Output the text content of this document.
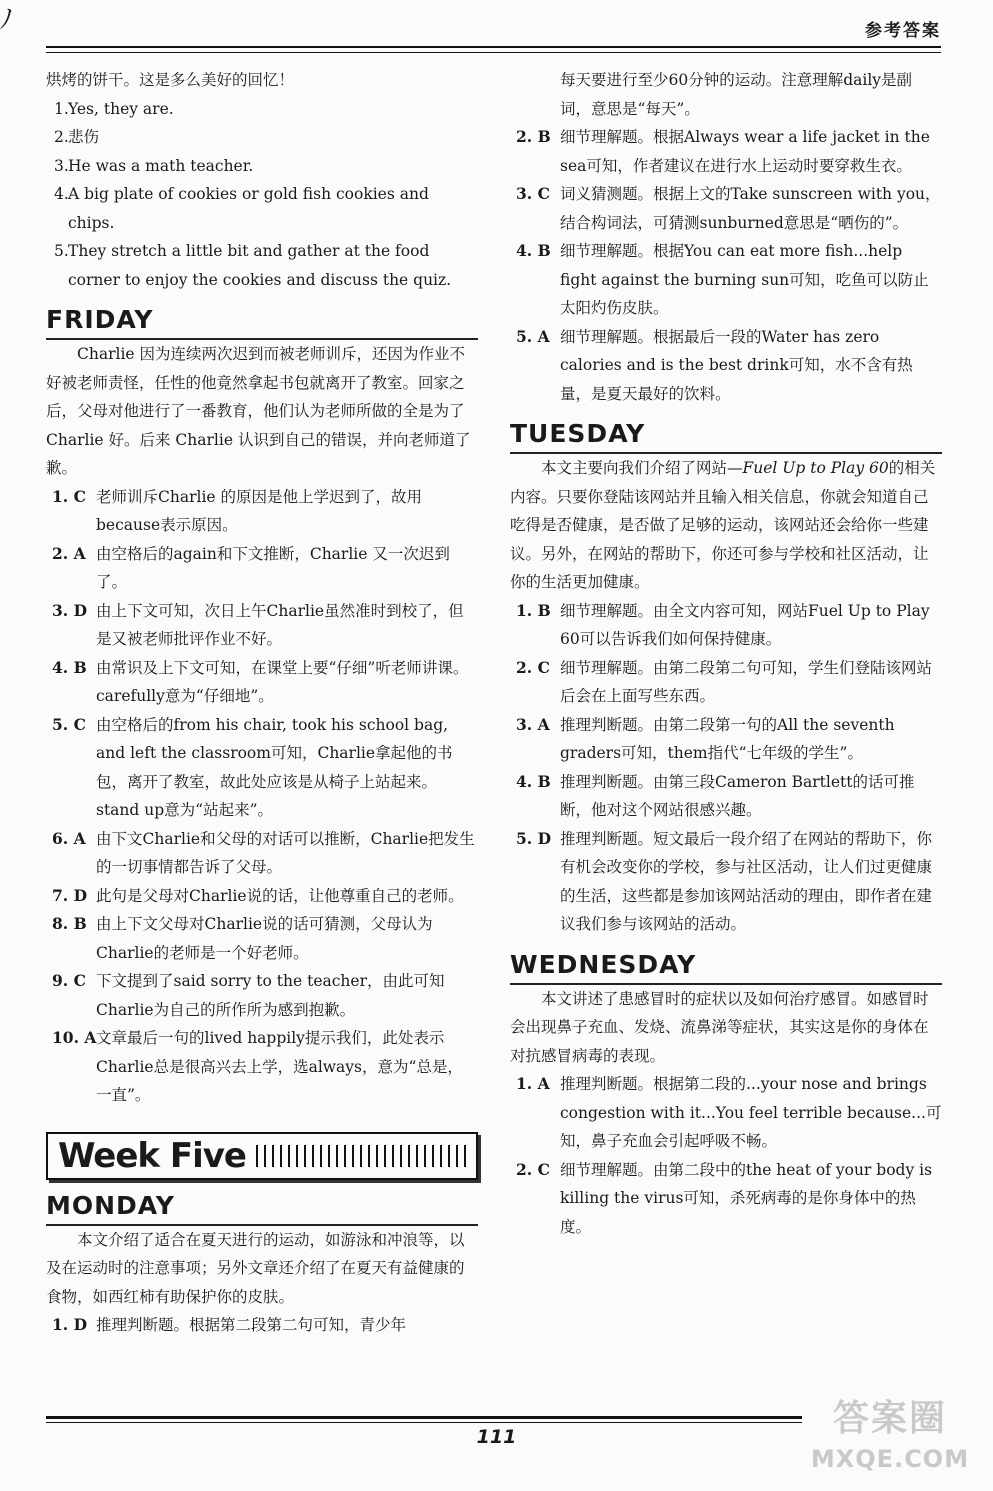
ﾉ	参考答案

烘烤的饼干。这是多么美好的回忆！

1. Yes, they are.

2. 悲伤

3. He was a math teacher.

4. A big plate of cookies or gold fish cookies and chips.

5. They stretch a little bit and gather at the food corner to enjoy the cookies and discuss the quiz.

FRIDAY

Charlie 因为连续两次迟到而被老师训斥，还因为作业不好被老师责怪，任性的他竟然拿起书包就离开了教室。回家之后，父母对他进行了一番教育，他们认为老师所做的全是为了 Charlie 好。后来 Charlie 认识到自己的错误，并向老师道了歉。

1. C 老师训斥Charlie 的原因是他上学迟到了，故用because表示原因。

2. A 由空格后的again和下文推断，Charlie 又一次迟到了。

3. D 由上下文可知，次日上午Charlie虽然准时到校了，但是又被老师批评作业不好。

4. B 由常识及上下文可知，在课堂上要“仔细”听老师讲课。carefully意为“仔细地”。

5. C 由空格后的from his chair, took his school bag, and left the classroom可知，Charlie拿起他的书包，离开了教室，故此处应该是从椅子上站起来。stand up意为“站起来”。

6. A 由下文Charlie和父母的对话可以推断，Charlie把发生的一切事情都告诉了父母。

7. D 此句是父母对Charlie说的话，让他尊重自己的老师。

8. B 由上下文父母对Charlie说的话可猜测，父母认为Charlie的老师是一个好老师。

9. C 下文提到了said sorry to the teacher，由此可知Charlie为自己的所作所为感到抱歉。

10. A 文章最后一句的lived happily提示我们，此处表示Charlie总是很高兴去上学，选always，意为“总是，一直”。

Week Five
MONDAY

本文介绍了适合在夏天进行的运动，如游泳和冲浪等，以及在运动时的注意事项；另外文章还介绍了在夏天有益健康的食物，如西红柿有助保护你的皮肤。

1. D 推理判断题。根据第二段第二句可知，青少年

每天要进行至少60分钟的运动。注意理解daily是副词，意思是“每天”。

2. B 细节理解题。根据Always wear a life jacket in the sea可知，作者建议在进行水上运动时要穿救生衣。

3. C 词义猜测题。根据上文的Take sunscreen with you，结合构词法，可猜测sunburned意思是“晒伤的”。

4. B 细节理解题。根据You can eat more fish...help fight against the burning sun可知，吃鱼可以防止太阳灼伤皮肤。

5. A 细节理解题。根据最后一段的Water has zero calories and is the best drink可知，水不含有热量，是夏天最好的饮料。

TUESDAY

本文主要向我们介绍了网站—Fuel Up to Play 60的相关内容。只要你登陆该网站并且输入相关信息，你就会知道自己吃得是否健康，是否做了足够的运动，该网站还会给你一些建议。另外，在网站的帮助下，你还可参与学校和社区活动，让你的生活更加健康。

1. B 细节理解题。由全文内容可知，网站Fuel Up to Play 60可以告诉我们如何保持健康。

2. C 细节理解题。由第二段第二句可知，学生们登陆该网站后会在上面写些东西。

3. A 推理判断题。由第二段第一句的All the seventh graders可知，them指代“七年级的学生”。

4. B 推理判断题。由第三段Cameron Bartlett的话可推断，他对这个网站很感兴趣。

5. D 推理判断题。短文最后一段介绍了在网站的帮助下，你有机会改变你的学校，参与社区活动，让人们过更健康的生活，这些都是参加该网站活动的理由，即作者在建议我们参与该网站的活动。

WEDNESDAY

本文讲述了患感冒时的症状以及如何治疗感冒。如感冒时会出现鼻子充血、发烧、流鼻涕等症状，其实这是你的身体在对抗感冒病毒的表现。

1. A 推理判断题。根据第二段的...your nose and brings congestion with it...You feel terrible because...可知，鼻子充血会引起呼吸不畅。

2. C 细节理解题。由第二段中的the heat of your body is killing the virus可知，杀死病毒的是你身体中的热度。

111	答案圈
MXQE.COM
